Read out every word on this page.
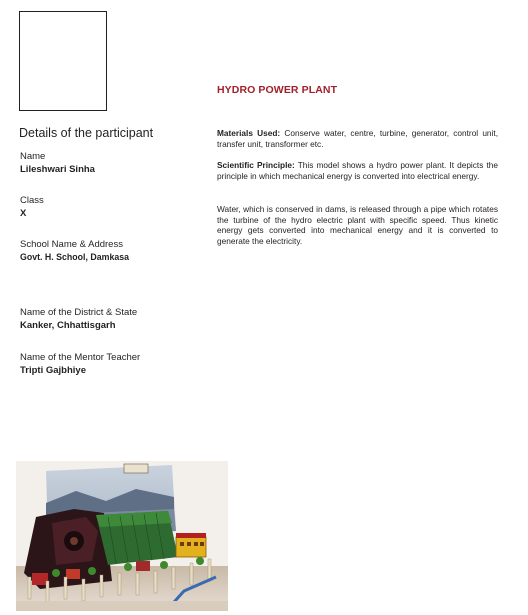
Details of the participant
Name
Lileshwari Sinha
Class
X
School Name & Address
Govt. H. School, Damkasa
Name of the District & State
Kanker, Chhattisgarh
Name of the Mentor Teacher
Tripti Gajbhiye
HYDRO POWER PLANT

Materials Used: Conserve water, centre, turbine, generator, control unit, transfer unit, transformer etc.

Scientific Principle: This model shows a hydro power plant. It depicts the principle in which mechanical energy is converted into electrical energy.

Water, which is conserved in dams, is released through a pipe which rotates the turbine of the hydro electric plant with specific speed. Thus kinetic energy gets converted into mechanical energy and it is converted to generate the electricity.
